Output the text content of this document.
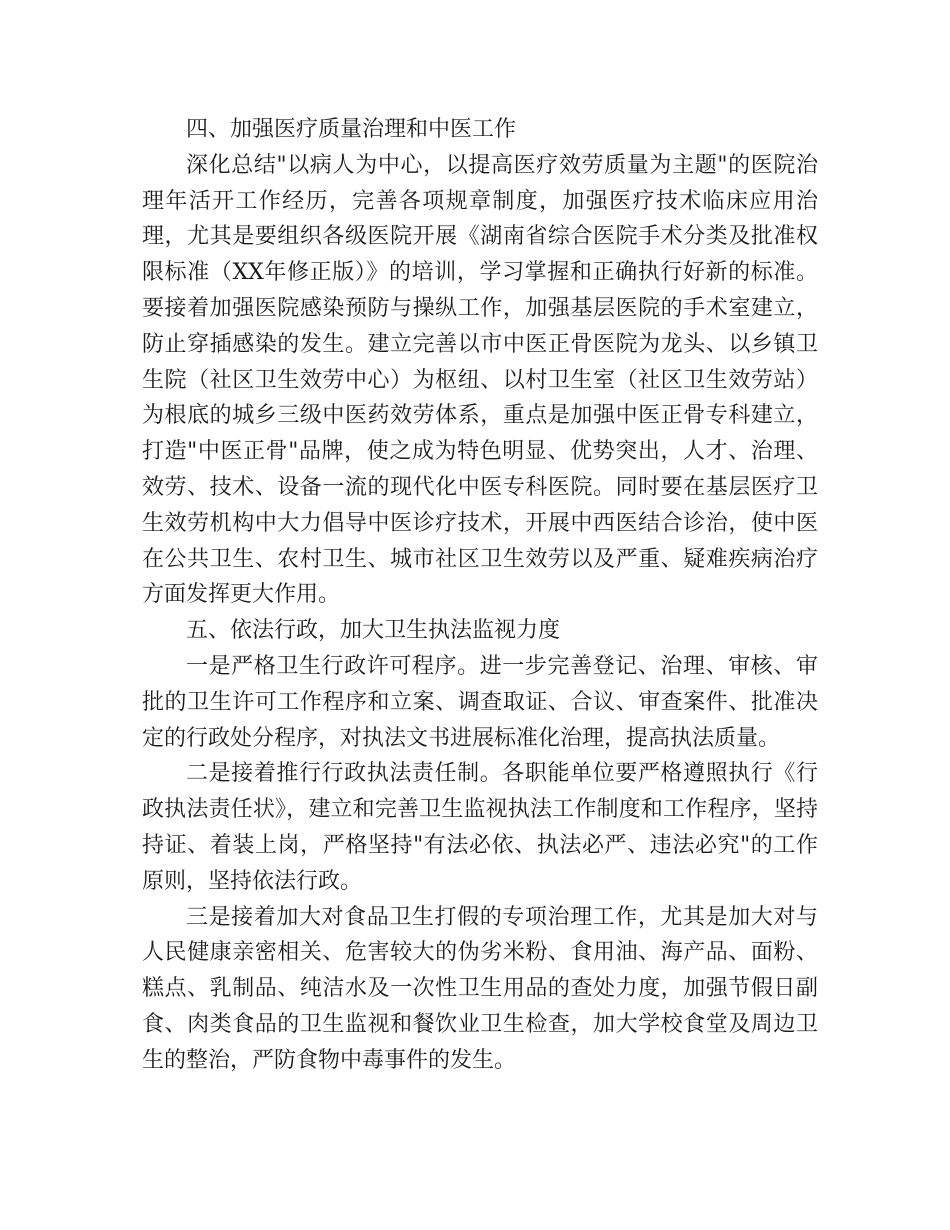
四、加强医疗质量治理和中医工作

深化总结"以病人为中心，以提高医疗效劳质量为主题"的医院治理年活开工作经历，完善各项规章制度，加强医疗技术临床应用治理，尤其是要组织各级医院开展《湖南省综合医院手术分类及批准权限标准（XX年修正版）》的培训，学习掌握和正确执行好新的标准。要接着加强医院感染预防与操纵工作，加强基层医院的手术室建立，防止穿插感染的发生。建立完善以市中医正骨医院为龙头、以乡镇卫生院（社区卫生效劳中心）为枢纽、以村卫生室（社区卫生效劳站）为根底的城乡三级中医药效劳体系，重点是加强中医正骨专科建立，打造"中医正骨"品牌，使之成为特色明显、优势突出，人才、治理、效劳、技术、设备一流的现代化中医专科医院。同时要在基层医疗卫生效劳机构中大力倡导中医诊疗技术，开展中西医结合诊治，使中医在公共卫生、农村卫生、城市社区卫生效劳以及严重、疑难疾病治疗方面发挥更大作用。

五、依法行政，加大卫生执法监视力度

一是严格卫生行政许可程序。进一步完善登记、治理、审核、审批的卫生许可工作程序和立案、调查取证、合议、审查案件、批准决定的行政处分程序，对执法文书进展标准化治理，提高执法质量。

二是接着推行行政执法责任制。各职能单位要严格遵照执行《行政执法责任状》，建立和完善卫生监视执法工作制度和工作程序，坚持持证、着装上岗，严格坚持"有法必依、执法必严、违法必究"的工作原则，坚持依法行政。

三是接着加大对食品卫生打假的专项治理工作，尤其是加大对与人民健康亲密相关、危害较大的伪劣米粉、食用油、海产品、面粉、糕点、乳制品、纯洁水及一次性卫生用品的查处力度，加强节假日副食、肉类食品的卫生监视和餐饮业卫生检查，加大学校食堂及周边卫生的整治，严防食物中毒事件的发生。
